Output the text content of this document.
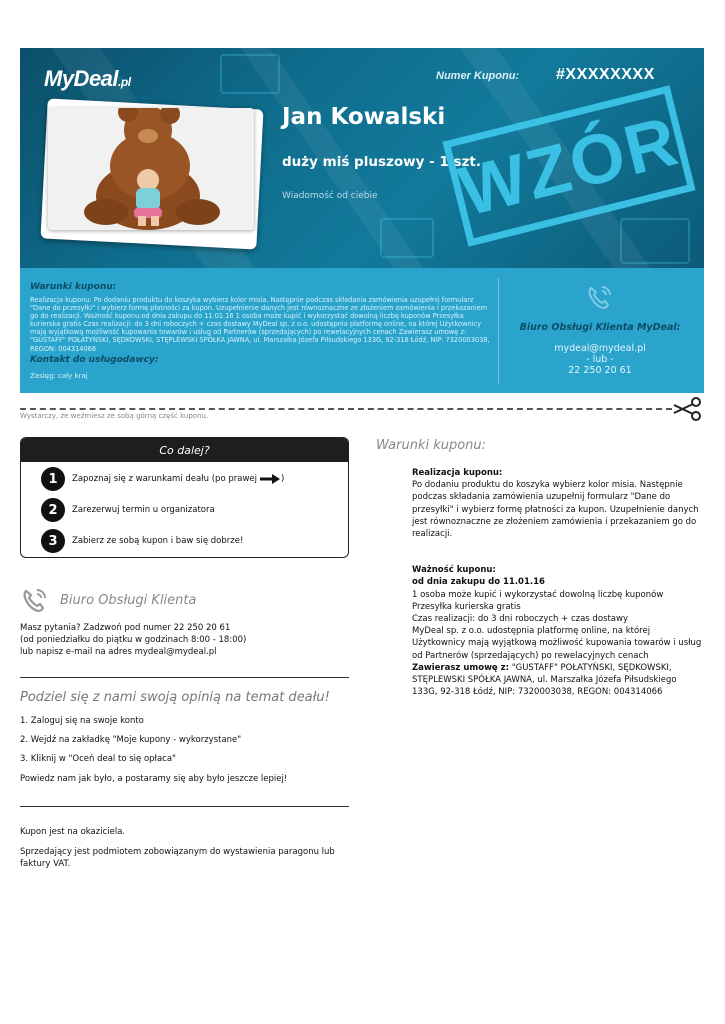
MyDeal.pl	Numer Kuponu: #XXXXXXXX
Jan Kowalski
duży miś pluszowy - 1 szt.
Wiadomość od ciebie WZÓR
Warunki kuponu:
Realizacja kuponu: Po dodaniu produktu do koszyka wybierz kolor misia. Następnie podczas składania zamówienia uzupełnij formularz "Dane do przesyłki" i wybierz formę płatności za kupon. Uzupełnienie danych jest równoznaczne ze złożeniem zamówienia i przekazaniem go do realizacji. Ważność kuponu:od dnia zakupu do 11.01.16 1 osoba może kupić i wykorzystać dowolną liczbę kuponów Przesyłka kurierska gratis Czas realizacji: do 3 dni roboczych + czas dostawy MyDeal sp. z o.o. udostępnia platformę online, na której Użytkownicy mają wyjątkową możliwość kupowania towarów i usług od Partnerów (sprzedających) po rewelacyjnych cenach Zawierasz umowę z: "GUSTAFF" POŁATYŃSKI, SĘDKOWSKI, STĘPLEWSKI SPÓŁKA JAWNA, ul. Marszałka Józefa Piłsudskiego 133G, 92-318 Łódź, NIP: 7320003038, REGON: 004314066
Kontakt do usługodawcy:
Zasięg: cały kraj
Biuro Obsługi Klienta MyDeal:
mydeal@mydeal.pl
- lub -
22 250 20 61
Wystarczy, że weźmiesz ze sobą górną część kuponu.
Co dalej?
1	Zapoznaj się z warunkami deału (po prawej	)
2	Zarezerwuj termin u organizatora
3	Zabierz ze sobą kupon i baw się dobrze!
Biuro Obsługi Klienta
Masz pytania? Zadzwoń pod numer 22 250 20 61
(od poniedziałku do piątku w godzinach 8:00 - 18:00)
lub napisz e-mail na adres mydeal@mydeal.pl
Podziel się z nami swoją opinią na temat deału!
1. Zaloguj się na swoje konto
2. Wejdź na zakładkę "Moje kupony - wykorzystane"
3. Kliknij w "Oceń deal to się opłaca"
Powiedz nam jak było, a postaramy się aby było jeszcze lepiej!

Kupon jest na okaziciela.

Sprzedający jest podmiotem zobowiązanym do wystawienia paragonu lub faktury VAT.

Warunki kuponu:
Realizacja kuponu:
Po dodaniu produktu do koszyka wybierz kolor misia. Następnie podczas składania zamówienia uzupełnij formularz "Dane do przesyłki" i wybierz formę płatności za kupon. Uzupełnienie danych jest równoznaczne ze złożeniem zamówienia i przekazaniem go do realizacji.
Ważność kuponu:
od dnia zakupu do 11.01.16
1 osoba może kupić i wykorzystać dowolną liczbę kuponów
Przesyłka kurierska gratis
Czas realizacji: do 3 dni roboczych + czas dostawy
MyDeal sp. z o.o. udostępnia platformę online, na której Użytkownicy mają wyjątkową możliwość kupowania towarów i usług od Partnerów (sprzedających) po rewelacyjnych cenach
Zawierasz umowę z: "GUSTAFF" POŁATYŃSKI, SĘDKOWSKI, STĘPLEWSKI SPÓŁKA JAWNA, ul. Marszałka Józefa Piłsudskiego 133G, 92-318 Łódź, NIP: 7320003038, REGON: 004314066
